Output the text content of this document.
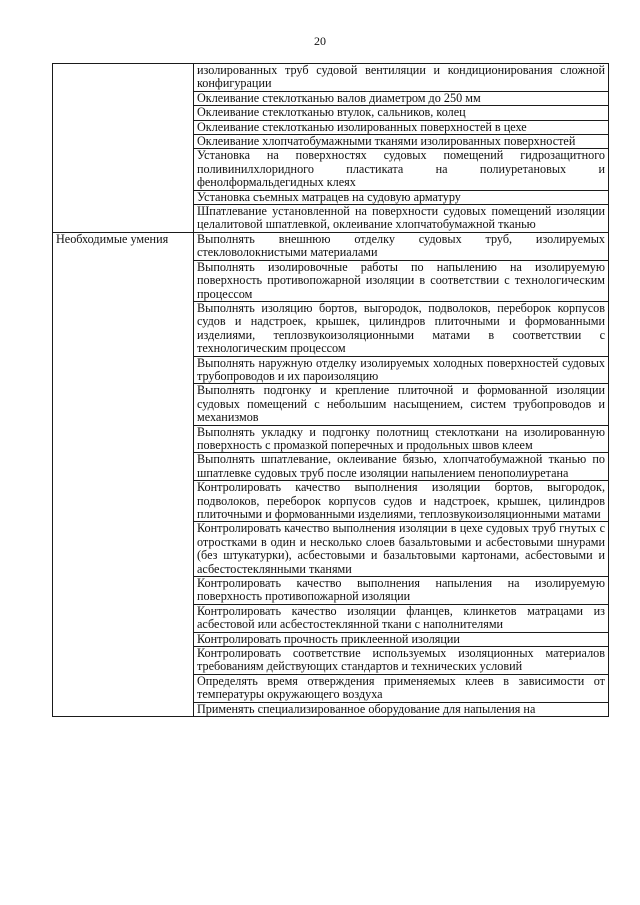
20
	изолированных труб судовой вентиляции и кондиционирования сложной конфигурации
	Оклеивание стеклотканью валов диаметром до 250 мм
	Оклеивание стеклотканью втулок, сальников, колец
	Оклеивание стеклотканью изолированных поверхностей в цехе
	Оклеивание хлопчатобумажными тканями изолированных поверхностей
	Установка на поверхностях судовых помещений гидрозащитного поливинилхлоридного пластиката на полиуретановых и фенолформальдегидных клеях
	Установка съемных матрацев на судовую арматуру
	Шпатлевание установленной на поверхности судовых помещений изоляции целалитовой шпатлевкой, оклеивание хлопчатобумажной тканью

Необходимые умения	Выполнять внешнюю отделку судовых труб, изолируемых стекловолокнистыми материалами
	Выполнять изолировочные работы по напылению на изолируемую поверхность противопожарной изоляции в соответствии с технологическим процессом
	Выполнять изоляцию бортов, выгородок, подволоков, переборок корпусов судов и надстроек, крышек, цилиндров плиточными и формованными изделиями, теплозвукоизоляционными матами в соответствии с технологическим процессом
	Выполнять наружную отделку изолируемых холодных поверхностей судовых трубопроводов и их пароизоляцию
	Выполнять подгонку и крепление плиточной и формованной изоляции судовых помещений с небольшим насыщением, систем трубопроводов и механизмов
	Выполнять укладку и подгонку полотнищ стеклоткани на изолированную поверхность с промазкой поперечных и продольных швов клеем
	Выполнять шпатлевание, оклеивание бязью, хлопчатобумажной тканью по шпатлевке судовых труб после изоляции напылением пенополиуретана
	Контролировать качество выполнения изоляции бортов, выгородок, подволоков, переборок корпусов судов и надстроек, крышек, цилиндров плиточными и формованными изделиями, теплозвукоизоляционными матами
	Контролировать качество выполнения изоляции в цехе судовых труб гнутых с отростками в один и несколько слоев базальтовыми и асбестовыми шнурами (без штукатурки), асбестовыми и базальтовыми картонами, асбестовыми и асбестостеклянными тканями
	Контролировать качество выполнения напыления на изолируемую поверхность противопожарной изоляции
	Контролировать качество изоляции фланцев, клинкетов матрацами из асбестовой или асбестостеклянной ткани с наполнителями
	Контролировать прочность приклеенной изоляции
	Контролировать соответствие используемых изоляционных материалов требованиям действующих стандартов и технических условий
	Определять время отверждения применяемых клеев в зависимости от температуры окружающего воздуха
	Применять специализированное оборудование для напыления на
